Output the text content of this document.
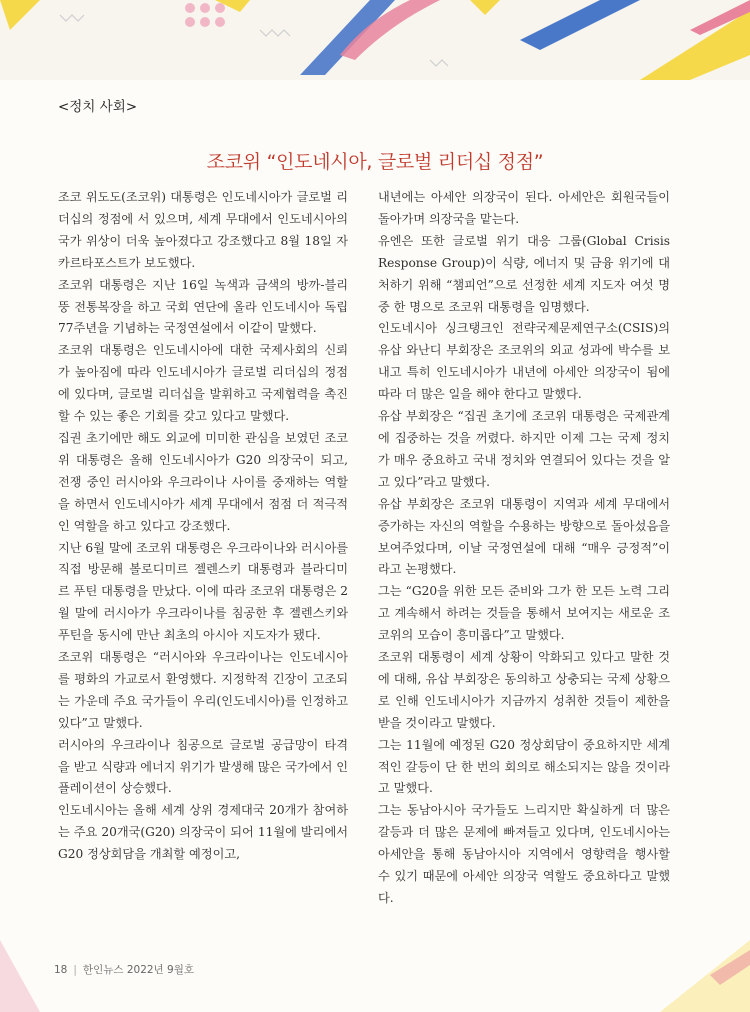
<정치 사회>
조코위 “인도네시아, 글로벌 리더십 정점”

조코 위도도(조코위) 대통령은 인도네시아가 글로벌 리더십의 정점에 서 있으며, 세계 무대에서 인도네시아의 국가 위상이 더욱 높아졌다고 강조했다고 8월 18일 자카르타포스트가 보도했다.

조코위 대통령은 지난 16일 녹색과 금색의 방까-블리뚱 전통복장을 하고 국회 연단에 올라 인도네시아 독립 77주년을 기념하는 국정연설에서 이같이 말했다.

조코위 대통령은 인도네시아에 대한 국제사회의 신뢰가 높아짐에 따라 인도네시아가 글로벌 리더십의 정점에 있다며, 글로벌 리더십을 발휘하고 국제협력을 촉진할 수 있는 좋은 기회를 갖고 있다고 말했다.

집권 초기에만 해도 외교에 미미한 관심을 보였던 조코위 대통령은 올해 인도네시아가 G20 의장국이 되고, 전쟁 중인 러시아와 우크라이나 사이를 중재하는 역할을 하면서 인도네시아가 세계 무대에서 점점 더 적극적인 역할을 하고 있다고 강조했다.

지난 6월 말에 조코위 대통령은 우크라이나와 러시아를 직접 방문해 볼로디미르 젤렌스키 대통령과 블라디미르 푸틴 대통령을 만났다. 이에 따라 조코위 대통령은 2월 말에 러시아가 우크라이나를 침공한 후 젤렌스키와 푸틴을 동시에 만난 최초의 아시아 지도자가 됐다.

조코위 대통령은 “러시아와 우크라이나는 인도네시아를 평화의 가교로서 환영했다. 지정학적 긴장이 고조되는 가운데 주요 국가들이 우리(인도네시아)를 인정하고 있다”고 말했다.

러시아의 우크라이나 침공으로 글로벌 공급망이 타격을 받고 식량과 에너지 위기가 발생해 많은 국가에서 인플레이션이 상승했다.

인도네시아는 올해 세계 상위 경제대국 20개가 참여하는 주요 20개국(G20) 의장국이 되어 11월에 발리에서 G20 정상회담을 개최할 예정이고,

내년에는 아세안 의장국이 된다. 아세안은 회원국들이 돌아가며 의장국을 맡는다.

유엔은 또한 글로벌 위기 대응 그룹(Global Crisis Response Group)이 식량, 에너지 및 금융 위기에 대처하기 위해 “챔피언”으로 선정한 세계 지도자 여섯 명 중 한 명으로 조코위 대통령을 임명했다.

인도네시아 싱크탱크인 전략국제문제연구소(CSIS)의 유삽 와난디 부회장은 조코위의 외교 성과에 박수를 보내고 특히 인도네시아가 내년에 아세안 의장국이 됨에 따라 더 많은 일을 해야 한다고 말했다.

유삽 부회장은 “집권 초기에 조코위 대통령은 국제관계에 집중하는 것을 꺼렸다. 하지만 이제 그는 국제 정치가 매우 중요하고 국내 정치와 연결되어 있다는 것을 알고 있다”라고 말했다.

유삽 부회장은 조코위 대통령이 지역과 세계 무대에서 증가하는 자신의 역할을 수용하는 방향으로 돌아섰음을 보여주었다며, 이날 국정연설에 대해 “매우 긍정적”이라고 논평했다.

그는 “G20을 위한 모든 준비와 그가 한 모든 노력 그리고 계속해서 하려는 것들을 통해서 보여지는 새로운 조코위의 모습이 흥미롭다”고 말했다.

조코위 대통령이 세계 상황이 악화되고 있다고 말한 것에 대해, 유삽 부회장은 동의하고 상충되는 국제 상황으로 인해 인도네시아가 지금까지 성취한 것들이 제한을 받을 것이라고 말했다.

그는 11월에 예정된 G20 정상회담이 중요하지만 세계적인 갈등이 단 한 번의 회의로 해소되지는 않을 것이라고 말했다.

그는 동남아시아 국가들도 느리지만 확실하게 더 많은 갈등과 더 많은 문제에 빠져들고 있다며, 인도네시아는 아세안을 통해 동남아시아 지역에서 영향력을 행사할 수 있기 때문에 아세안 의장국 역할도 중요하다고 말했다.

18 | 한인뉴스 2022년 9월호
